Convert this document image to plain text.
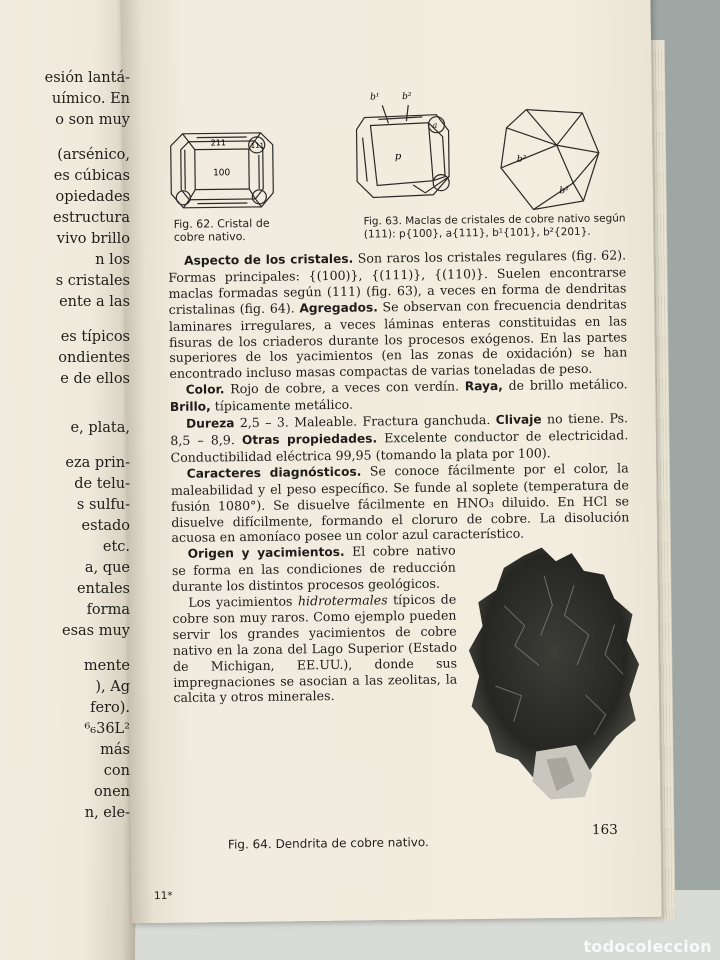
esión lantá-
uímico. En
o son muy
(arsénico,
es cúbicas
opiedades
estructura
vivo brillo
n los
s cristales
ente a las
es típicos
ondientes
e de ellos
e, plata,
eza prin-
de telu-
s sulfu-
estado
etc.
a, que
entales
forma
esas muy
mente
), Ag
fero).
⁶₆36L²
más
con
onen
n, ele-
211	111
100
b¹	b²
a
p	b²
b²
Fig. 62. Cristal de cobre nativo.
Fig. 63. Maclas de cristales de cobre nativo según (111): p{100}, a{111}, b¹{101}, b²{201}.

Aspecto de los cristales. Son raros los cristales regulares (fig. 62). Formas principales: {(100)}, {(111)}, {(110)}. Suelen encontrarse maclas formadas según (111) (fig. 63), a veces en forma de dendritas cristalinas (fig. 64). Agregados. Se observan con frecuencia dendritas laminares irregulares, a veces láminas enteras constituidas en las fisuras de los criaderos durante los procesos exógenos. En las partes superiores de los yacimientos (en las zonas de oxidación) se han encontrado incluso masas compactas de varias toneladas de peso.

Color. Rojo de cobre, a veces con verdín. Raya, de brillo metálico. Brillo, típicamente metálico.

Dureza 2,5 – 3. Maleable. Fractura ganchuda. Clivaje no tiene. Ps. 8,5 – 8,9. Otras propiedades. Excelente conductor de electricidad. Conductibilidad eléctrica 99,95 (tomando la plata por 100).

Caracteres diagnósticos. Se conoce fácilmente por el color, la maleabilidad y el peso específico. Se funde al soplete (temperatura de fusión 1080°). Se disuelve fácilmente en HNO₃ diluido. En HCl se disuelve difícilmente, formando el cloruro de cobre. La disolución acuosa en amoníaco posee un color azul característico.

Origen y yacimientos. El cobre nativo se forma en las condiciones de reducción durante los distintos procesos geológicos.

Los yacimientos hidrotermales típicos de cobre son muy raros. Como ejemplo pueden servir los grandes yacimientos de cobre nativo en la zona del Lago Superior (Estado de Michigan, EE.UU.), donde sus impregnaciones se asocian a las zeolitas, la calcita y otros minerales.

Fig. 64. Dendrita de cobre nativo.
163
11*
todocoleccion
